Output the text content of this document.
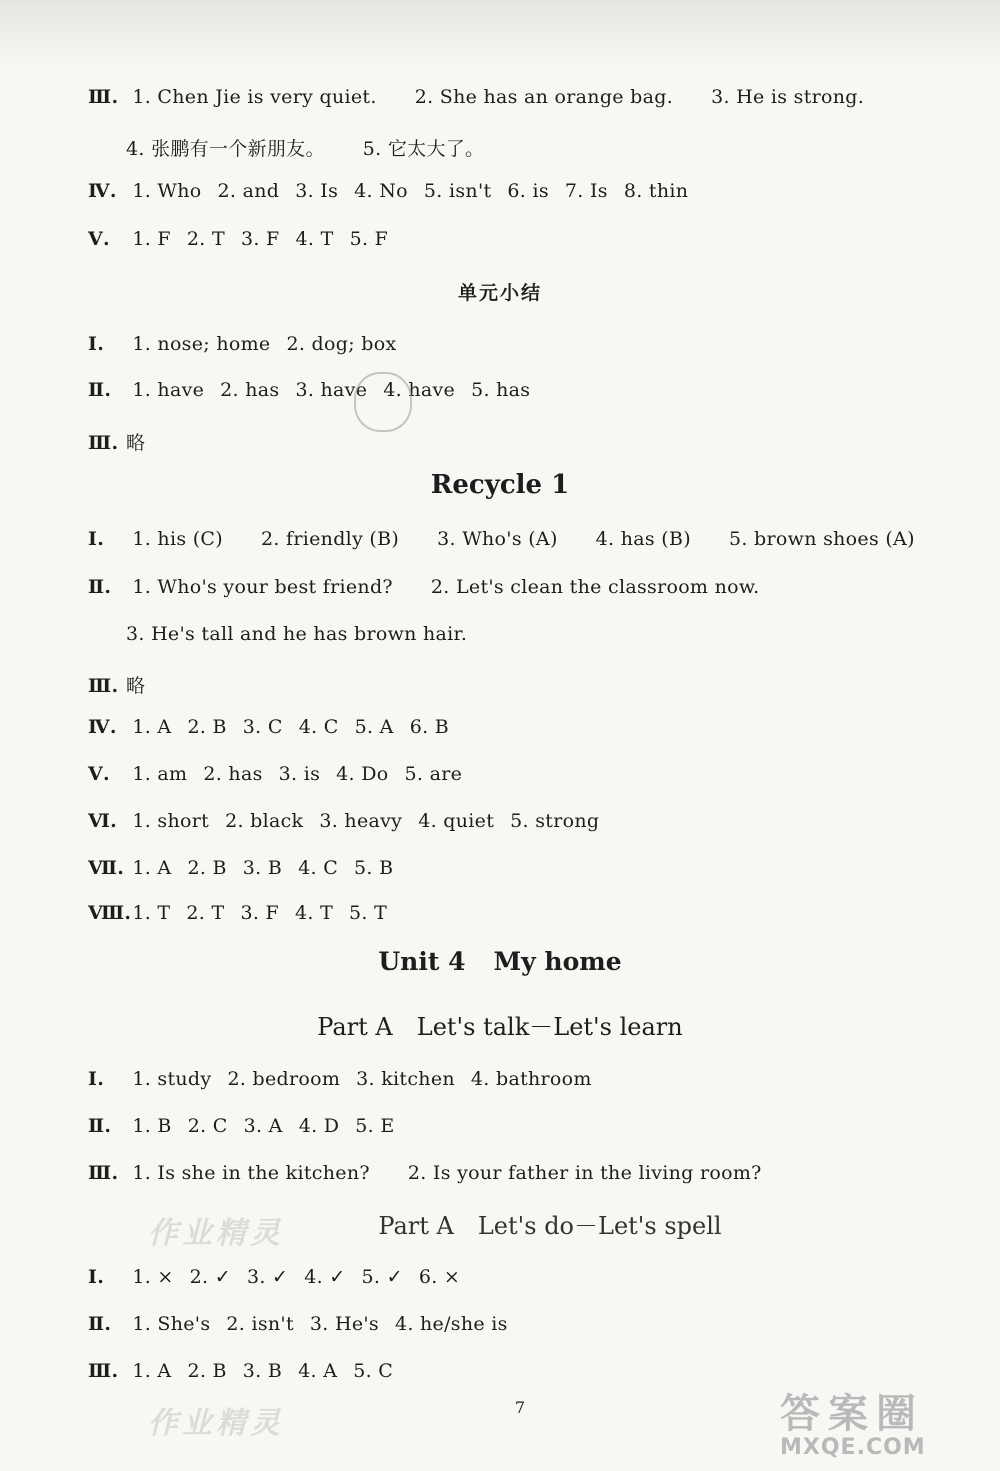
Ⅲ. 1. Chen Jie is very quiet. 2. She has an orange bag. 3. He is strong.
4. 张鹏有一个新朋友。 5. 它太大了。
Ⅳ. 1. Who 2. and 3. Is 4. No 5. isn't 6. is 7. Is 8. thin
Ⅴ. 1. F 2. T 3. F 4. T 5. F
单元小结
Ⅰ. 1. nose; home 2. dog; box
Ⅱ. 1. have 2. has 3. have 4. have 5. has
Ⅲ. 略
Recycle 1
Ⅰ. 1. his (C) 2. friendly (B) 3. Who's (A) 4. has (B) 5. brown shoes (A)
Ⅱ. 1. Who's your best friend? 2. Let's clean the classroom now.
3. He's tall and he has brown hair.
Ⅲ. 略
Ⅳ. 1. A 2. B 3. C 4. C 5. A 6. B
Ⅴ. 1. am 2. has 3. is 4. Do 5. are
Ⅵ. 1. short 2. black 3. heavy 4. quiet 5. strong
Ⅶ. 1. A 2. B 3. B 4. C 5. B
Ⅷ. 1. T 2. T 3. F 4. T 5. T
Unit 4 My home
Part A　Let's talk－Let's learn
Ⅰ. 1. study 2. bedroom 3. kitchen 4. bathroom
Ⅱ. 1. B 2. C 3. A 4. D 5. E
Ⅲ. 1. Is she in the kitchen? 2. Is your father in the living room?
作业精灵	Part A　Let's do－Let's spell
Ⅰ. 1. × 2. ✓ 3. ✓ 4. ✓ 5. ✓ 6. ×
Ⅱ. 1. She's 2. isn't 3. He's 4. he/she is
Ⅲ. 1. A 2. B 3. B 4. A 5. C
作业精灵	7	答案圈
MXQE.COM
